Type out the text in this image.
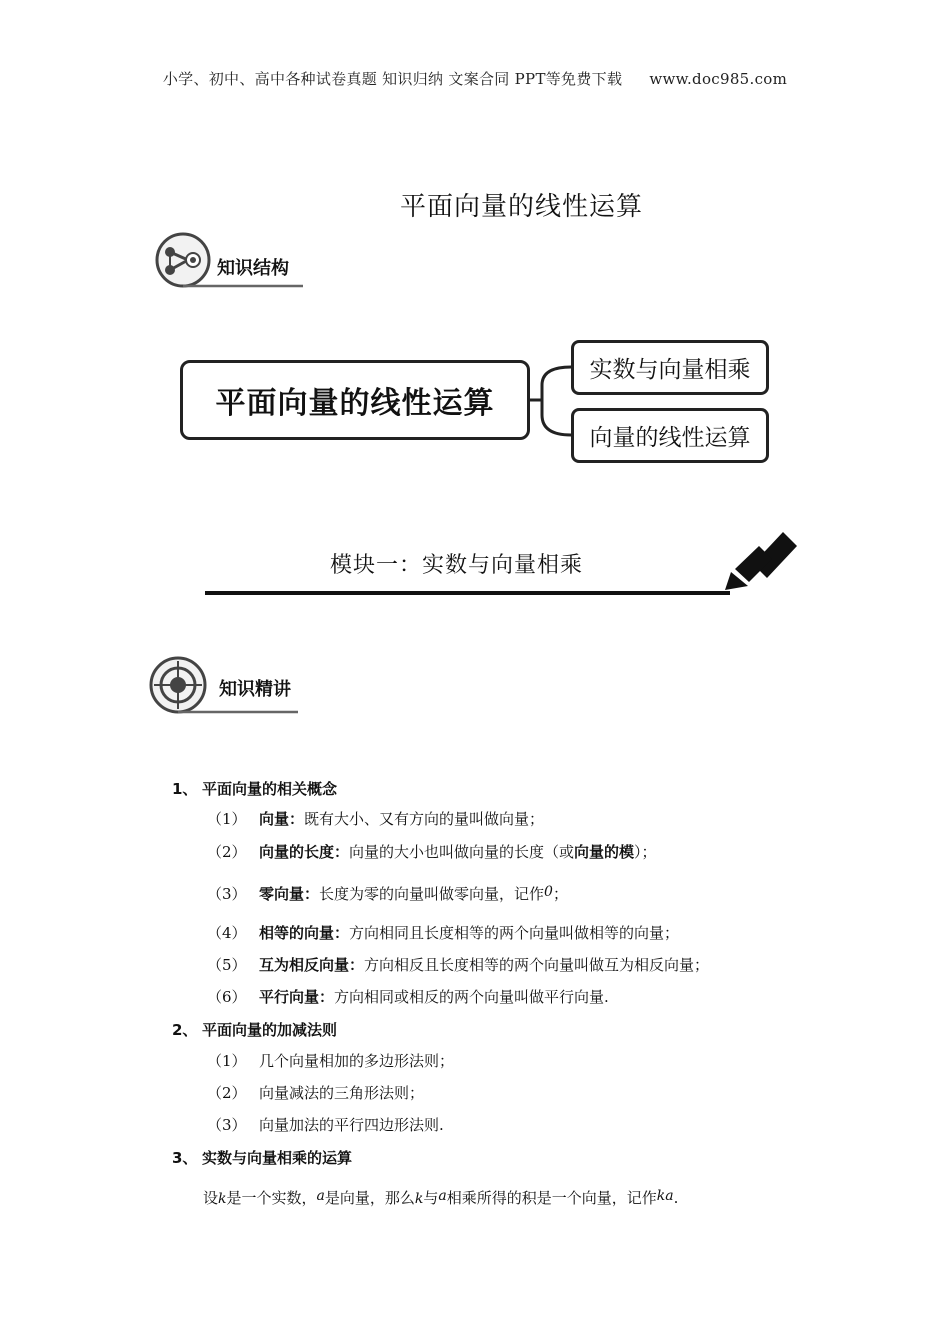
小学、初中、高中各种试卷真题 知识归纳 文案合同 PPT等免费下载 www.doc985.com
平面向量的线性运算
知识结构
平面向量的线性运算
实数与向量相乘
向量的线性运算
模块一：实数与向量相乘
知识精讲
1、 平面向量的相关概念
（1） 向量：既有大小、又有方向的量叫做向量；
（2） 向量的长度：向量的大小也叫做向量的长度（或向量的模）；
（3） 零向量：长度为零的向量叫做零向量，记作0；
（4） 相等的向量：方向相同且长度相等的两个向量叫做相等的向量；
（5） 互为相反向量：方向相反且长度相等的两个向量叫做互为相反向量；
（6） 平行向量：方向相同或相反的两个向量叫做平行向量.
2、 平面向量的加减法则
（1） 几个向量相加的多边形法则；
（2） 向量减法的三角形法则；
（3） 向量加法的平行四边形法则.
3、 实数与向量相乘的运算
设k是一个实数，a是向量，那么k与a相乘所得的积是一个向量，记作ka.
